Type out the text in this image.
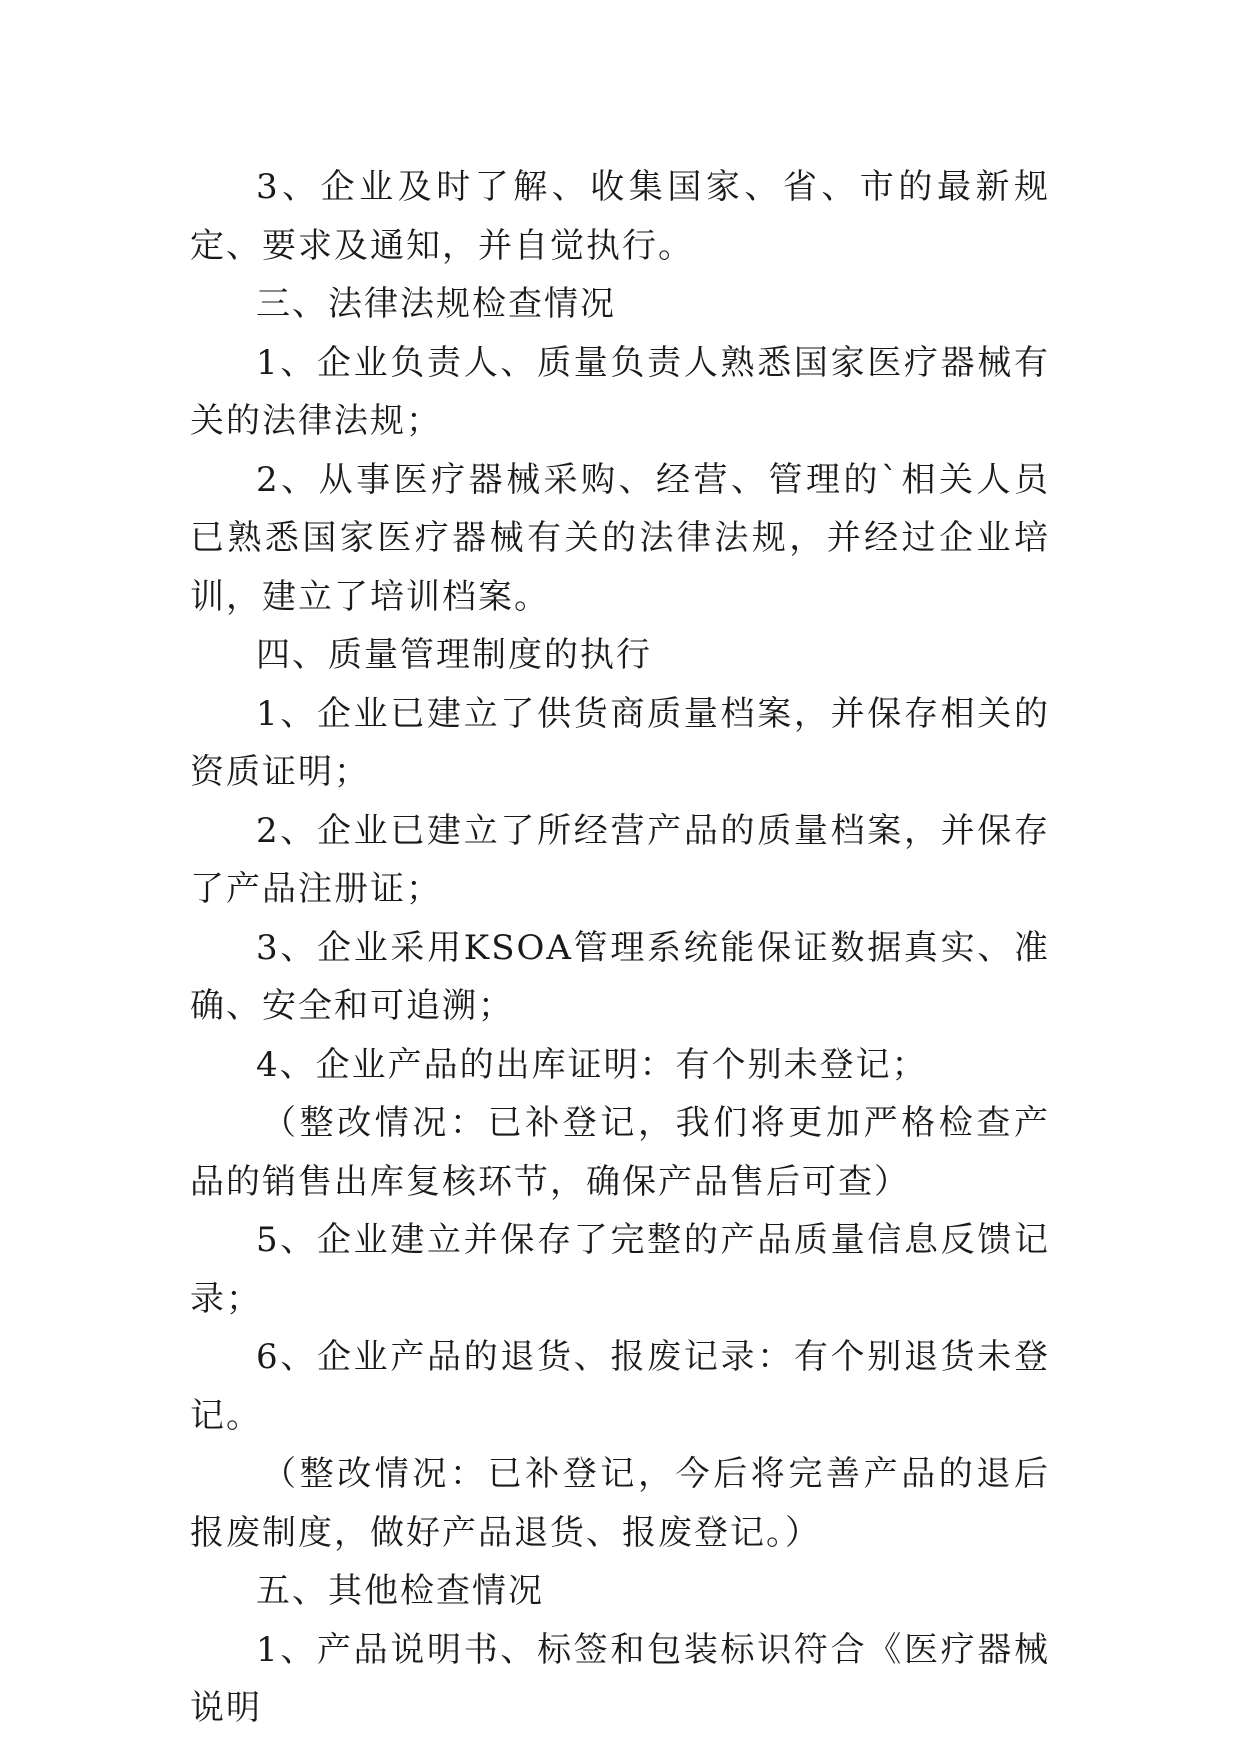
3、企业及时了解、收集国家、省、市的最新规定、要求及通知，并自觉执行。

三、法律法规检查情况

1、企业负责人、质量负责人熟悉国家医疗器械有关的法律法规；

2、从事医疗器械采购、经营、管理的`相关人员已熟悉国家医疗器械有关的法律法规，并经过企业培训，建立了培训档案。

四、质量管理制度的执行

1、企业已建立了供货商质量档案，并保存相关的资质证明；

2、企业已建立了所经营产品的质量档案，并保存了产品注册证；

3、企业采用KSOA管理系统能保证数据真实、准确、安全和可追溯；

4、企业产品的出库证明：有个别未登记；

（整改情况：已补登记，我们将更加严格检查产品的销售出库复核环节，确保产品售后可查）

5、企业建立并保存了完整的产品质量信息反馈记录；

6、企业产品的退货、报废记录：有个别退货未登记。

（整改情况：已补登记，今后将完善产品的退后报废制度，做好产品退货、报废登记。）

五、其他检查情况

1、产品说明书、标签和包装标识符合《医疗器械说明
